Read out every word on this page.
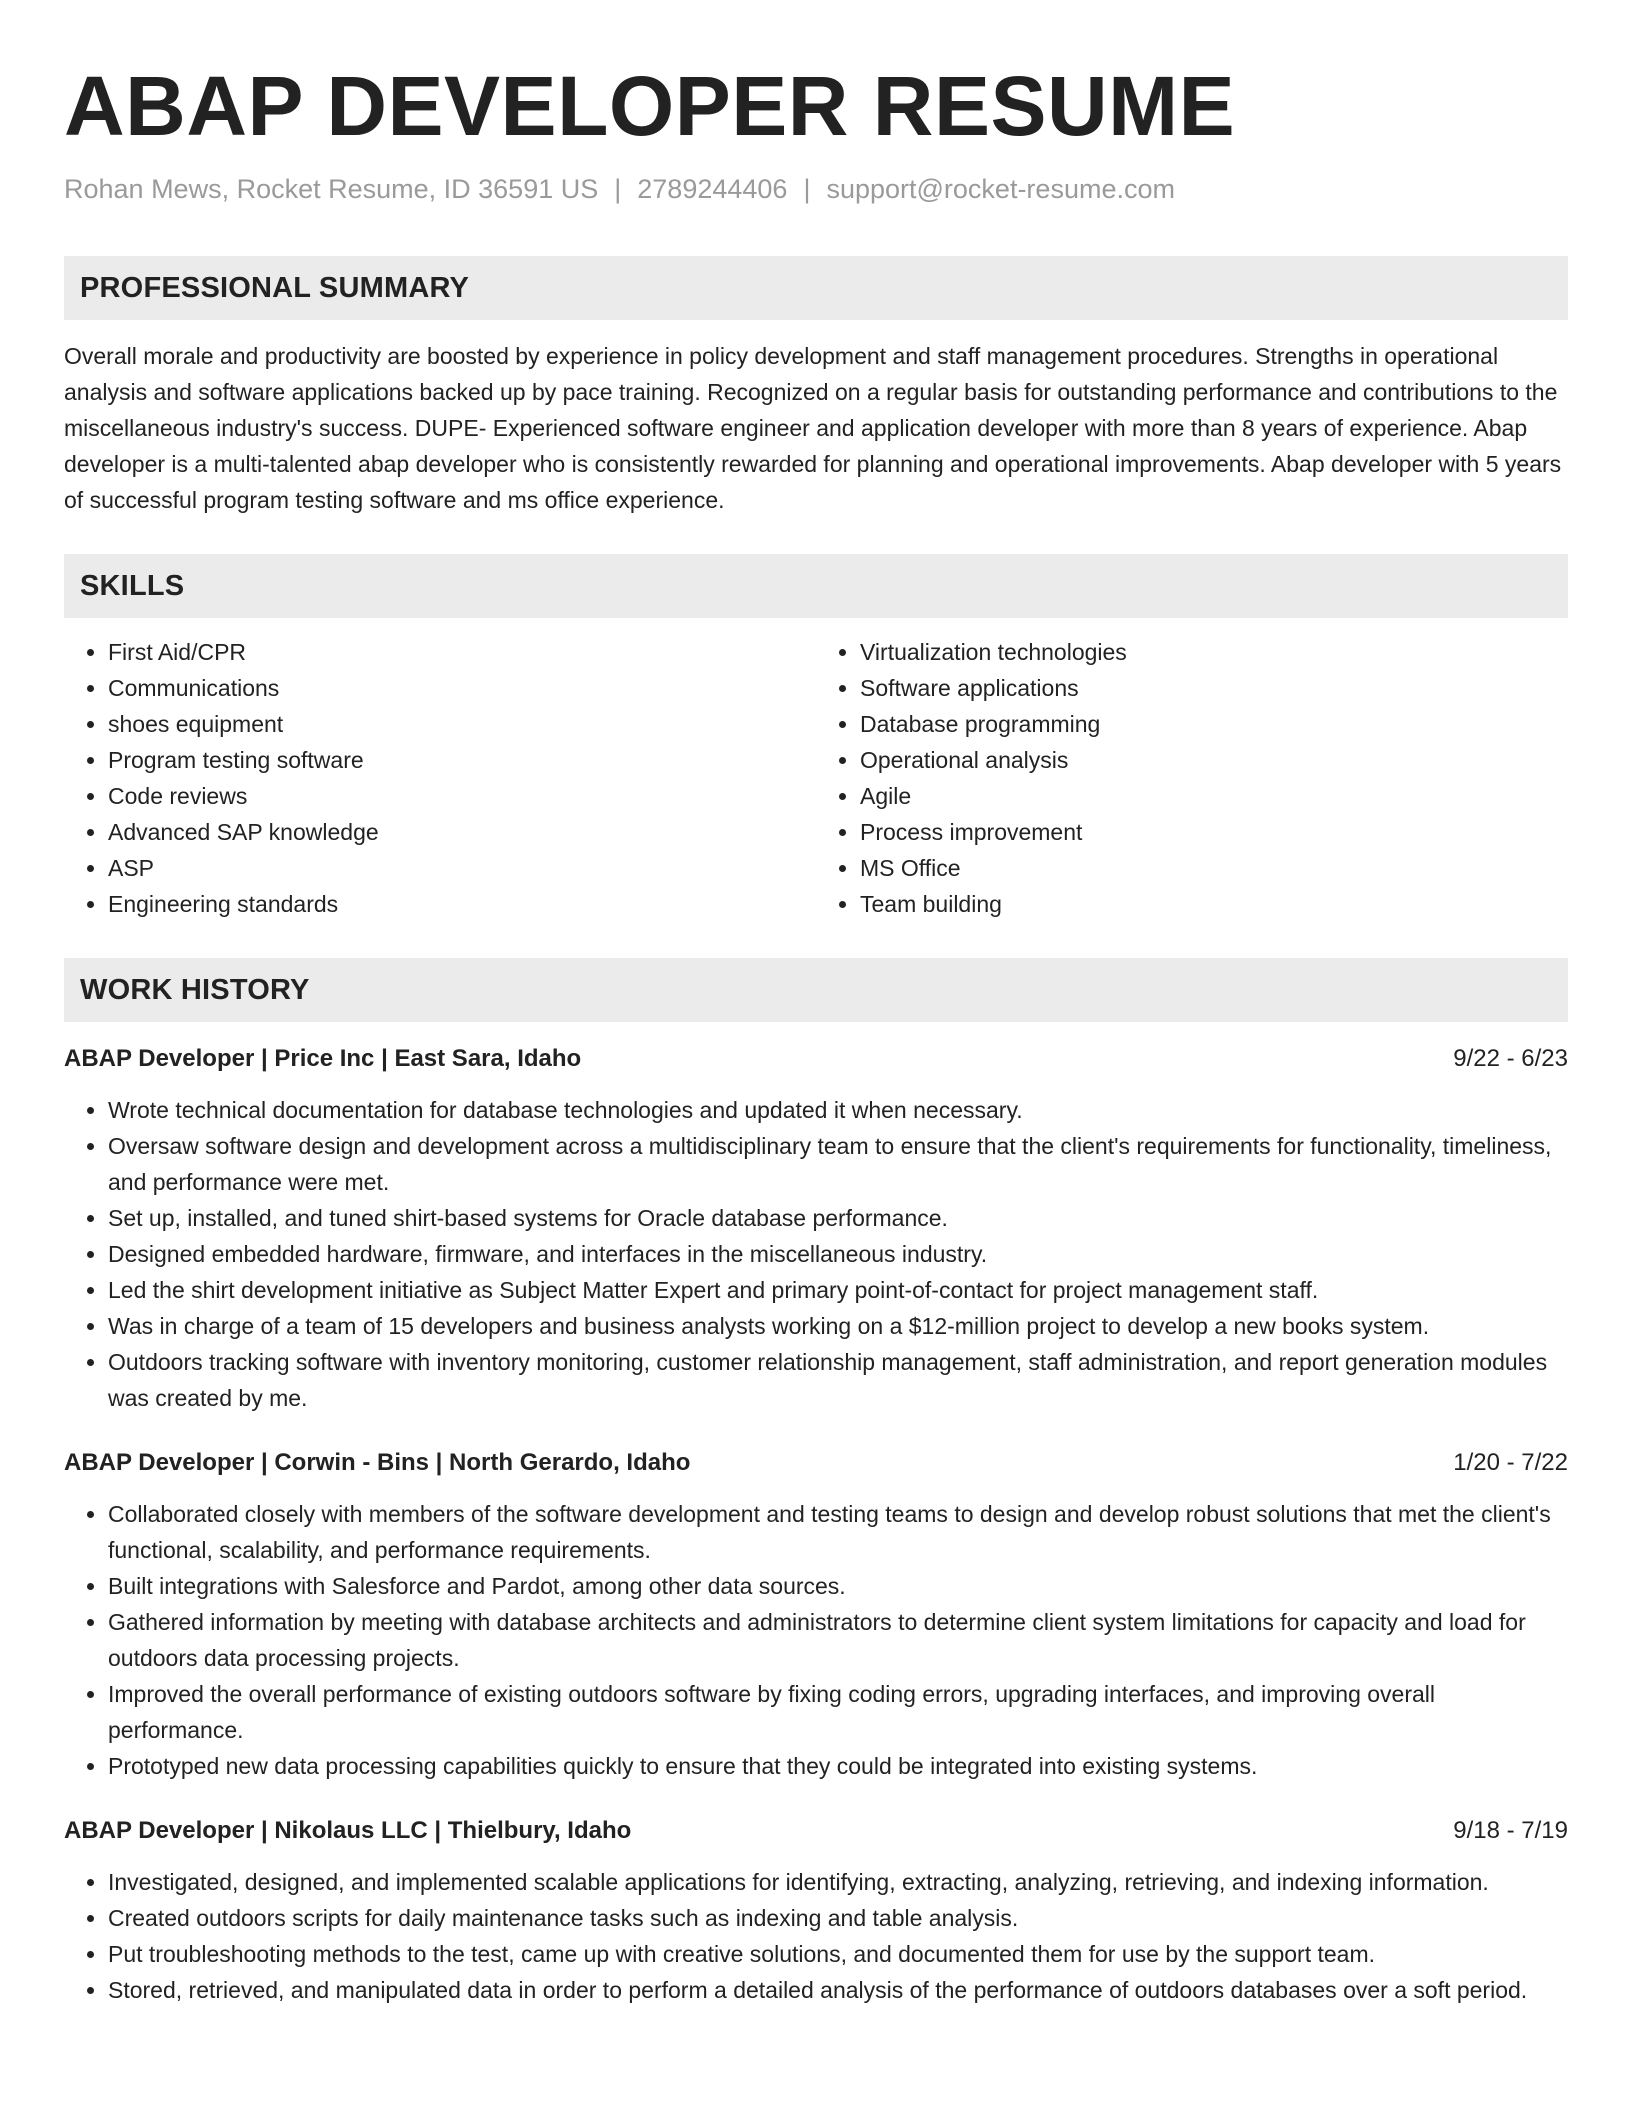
ABAP DEVELOPER RESUME
Rohan Mews, Rocket Resume, ID 36591 US | 2789244406 | support@rocket-resume.com
PROFESSIONAL SUMMARY

Overall morale and productivity are boosted by experience in policy development and staff management procedures. Strengths in operational analysis and software applications backed up by pace training. Recognized on a regular basis for outstanding performance and contributions to the miscellaneous industry's success. DUPE- Experienced software engineer and application developer with more than 8 years of experience. Abap developer is a multi-talented abap developer who is consistently rewarded for planning and operational improvements. Abap developer with 5 years of successful program testing software and ms office experience.

SKILLS
• First Aid/CPR
• Communications
• shoes equipment
• Program testing software
• Code reviews
• Advanced SAP knowledge
• ASP
• Engineering standards
• Virtualization technologies
• Software applications
• Database programming
• Operational analysis
• Agile
• Process improvement
• MS Office
• Team building
WORK HISTORY
ABAP Developer | Price Inc | East Sara, Idaho	9/22 - 6/23
• Wrote technical documentation for database technologies and updated it when necessary.
• Oversaw software design and development across a multidisciplinary team to ensure that the client's requirements for functionality, timeliness, and performance were met.
• Set up, installed, and tuned shirt-based systems for Oracle database performance.
• Designed embedded hardware, firmware, and interfaces in the miscellaneous industry.
• Led the shirt development initiative as Subject Matter Expert and primary point-of-contact for project management staff.
• Was in charge of a team of 15 developers and business analysts working on a $12-million project to develop a new books system.
• Outdoors tracking software with inventory monitoring, customer relationship management, staff administration, and report generation modules was created by me.
ABAP Developer | Corwin - Bins | North Gerardo, Idaho	1/20 - 7/22
• Collaborated closely with members of the software development and testing teams to design and develop robust solutions that met the client's functional, scalability, and performance requirements.
• Built integrations with Salesforce and Pardot, among other data sources.
• Gathered information by meeting with database architects and administrators to determine client system limitations for capacity and load for outdoors data processing projects.
• Improved the overall performance of existing outdoors software by fixing coding errors, upgrading interfaces, and improving overall performance.
• Prototyped new data processing capabilities quickly to ensure that they could be integrated into existing systems.
ABAP Developer | Nikolaus LLC | Thielbury, Idaho	9/18 - 7/19
• Investigated, designed, and implemented scalable applications for identifying, extracting, analyzing, retrieving, and indexing information.
• Created outdoors scripts for daily maintenance tasks such as indexing and table analysis.
• Put troubleshooting methods to the test, came up with creative solutions, and documented them for use by the support team.
• Stored, retrieved, and manipulated data in order to perform a detailed analysis of the performance of outdoors databases over a soft period.
